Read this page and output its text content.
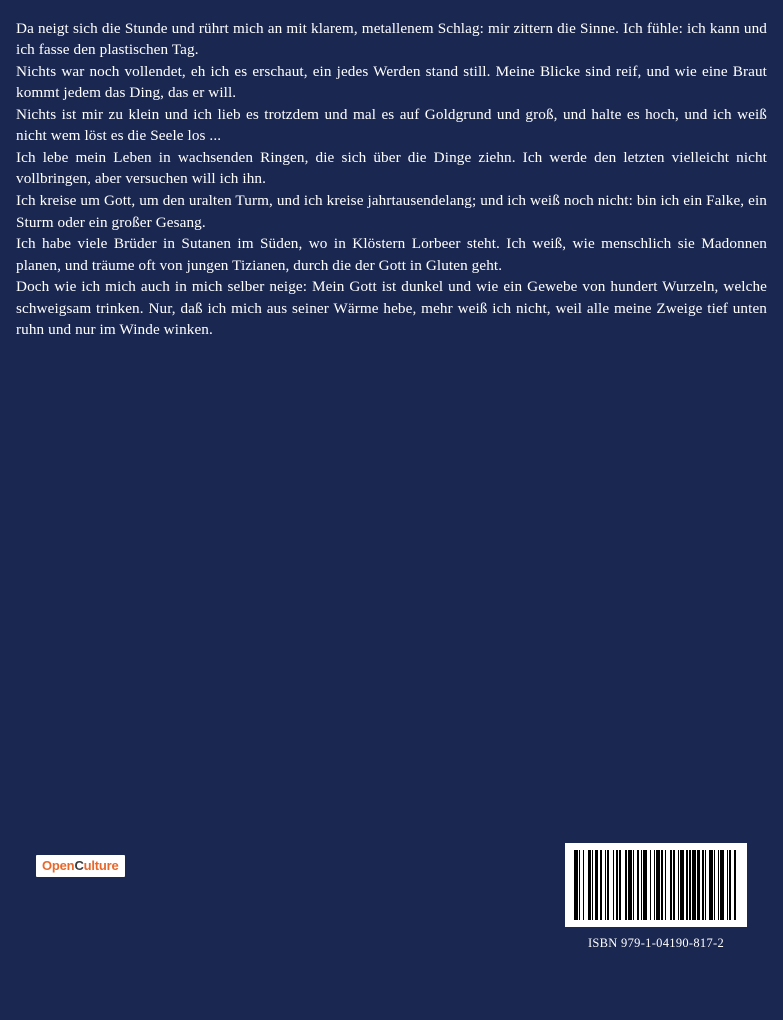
Da neigt sich die Stunde und rührt mich an mit klarem, metallenem Schlag: mir zittern die Sinne. Ich fühle: ich kann und ich fasse den plastischen Tag.

Nichts war noch vollendet, eh ich es erschaut, ein jedes Werden stand still. Meine Blicke sind reif, und wie eine Braut kommt jedem das Ding, das er will.

Nichts ist mir zu klein und ich lieb es trotzdem und mal es auf Goldgrund und groß, und halte es hoch, und ich weiß nicht wem löst es die Seele los ...

Ich lebe mein Leben in wachsenden Ringen, die sich über die Dinge ziehn. Ich werde den letzten vielleicht nicht vollbringen, aber versuchen will ich ihn.

Ich kreise um Gott, um den uralten Turm, und ich kreise jahrtausendelang; und ich weiß noch nicht: bin ich ein Falke, ein Sturm oder ein großer Gesang.

Ich habe viele Brüder in Sutanen im Süden, wo in Klöstern Lorbeer steht. Ich weiß, wie menschlich sie Madonnen planen, und träume oft von jungen Tizianen, durch die der Gott in Gluten geht.

Doch wie ich mich auch in mich selber neige: Mein Gott ist dunkel und wie ein Gewebe von hundert Wurzeln, welche schweigsam trinken. Nur, daß ich mich aus seiner Wärme hebe, mehr weiß ich nicht, weil alle meine Zweige tief unten ruhn und nur im Winde winken.

OpenCulture
ISBN 979-1-04190-817-2
